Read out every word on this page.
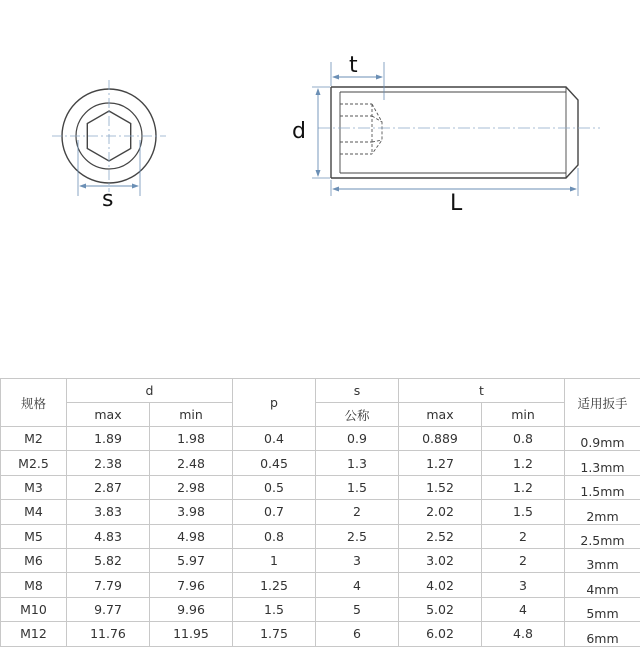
s
t
d
L
规格	d		p	s	t		适用扳手
	max	min		公称	max	min	
M2	1.89	1.98	0.4	0.9	0.889	0.8	0.9mm
M2.5	2.38	2.48	0.45	1.3	1.27	1.2	1.3mm
M3	2.87	2.98	0.5	1.5	1.52	1.2	1.5mm
M4	3.83	3.98	0.7	2	2.02	1.5	2mm
M5	4.83	4.98	0.8	2.5	2.52	2	2.5mm
M6	5.82	5.97	1	3	3.02	2	3mm
M8	7.79	7.96	1.25	4	4.02	3	4mm
M10	9.77	9.96	1.5	5	5.02	4	5mm
M12	11.76	11.95	1.75	6	6.02	4.8	6mm
